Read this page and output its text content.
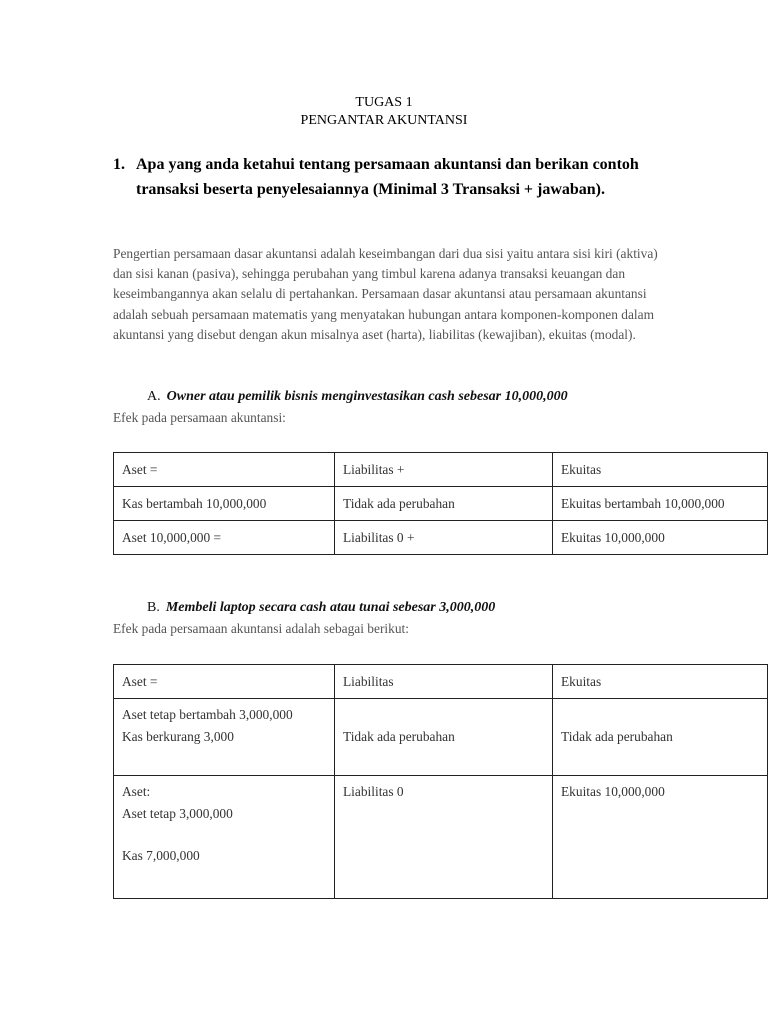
TUGAS 1
PENGANTAR AKUNTANSI
1. Apa yang anda ketahui tentang persamaan akuntansi dan berikan contoh transaksi beserta penyelesaiannya (Minimal 3 Transaksi + jawaban).
Pengertian persamaan dasar akuntansi adalah keseimbangan dari dua sisi yaitu antara sisi kiri (aktiva) dan sisi kanan (pasiva), sehingga perubahan yang timbul karena adanya transaksi keuangan dan keseimbangannya akan selalu di pertahankan. Persamaan dasar akuntansi atau persamaan akuntansi adalah sebuah persamaan matematis yang menyatakan hubungan antara komponen-komponen dalam akuntansi yang disebut dengan akun misalnya aset (harta), liabilitas (kewajiban), ekuitas (modal).
A. Owner atau pemilik bisnis menginvestasikan cash sebesar 10,000,000
Efek pada persamaan akuntansi:
Aset =	Liabilitas +	Ekuitas
Kas bertambah 10,000,000	Tidak ada perubahan	Ekuitas bertambah 10,000,000
Aset 10,000,000 =	Liabilitas 0 +	Ekuitas 10,000,000
B. Membeli laptop secara cash atau tunai sebesar 3,000,000
Efek pada persamaan akuntansi adalah sebagai berikut:
Aset =	Liabilitas	Ekuitas

Aset tetap bertambah 3,000,000
Kas berkurang 3,000	Tidak ada perubahan	Tidak ada perubahan

Aset:
Aset tetap 3,000,000
Kas 7,000,000	Liabilitas 0	Ekuitas 10,000,000
